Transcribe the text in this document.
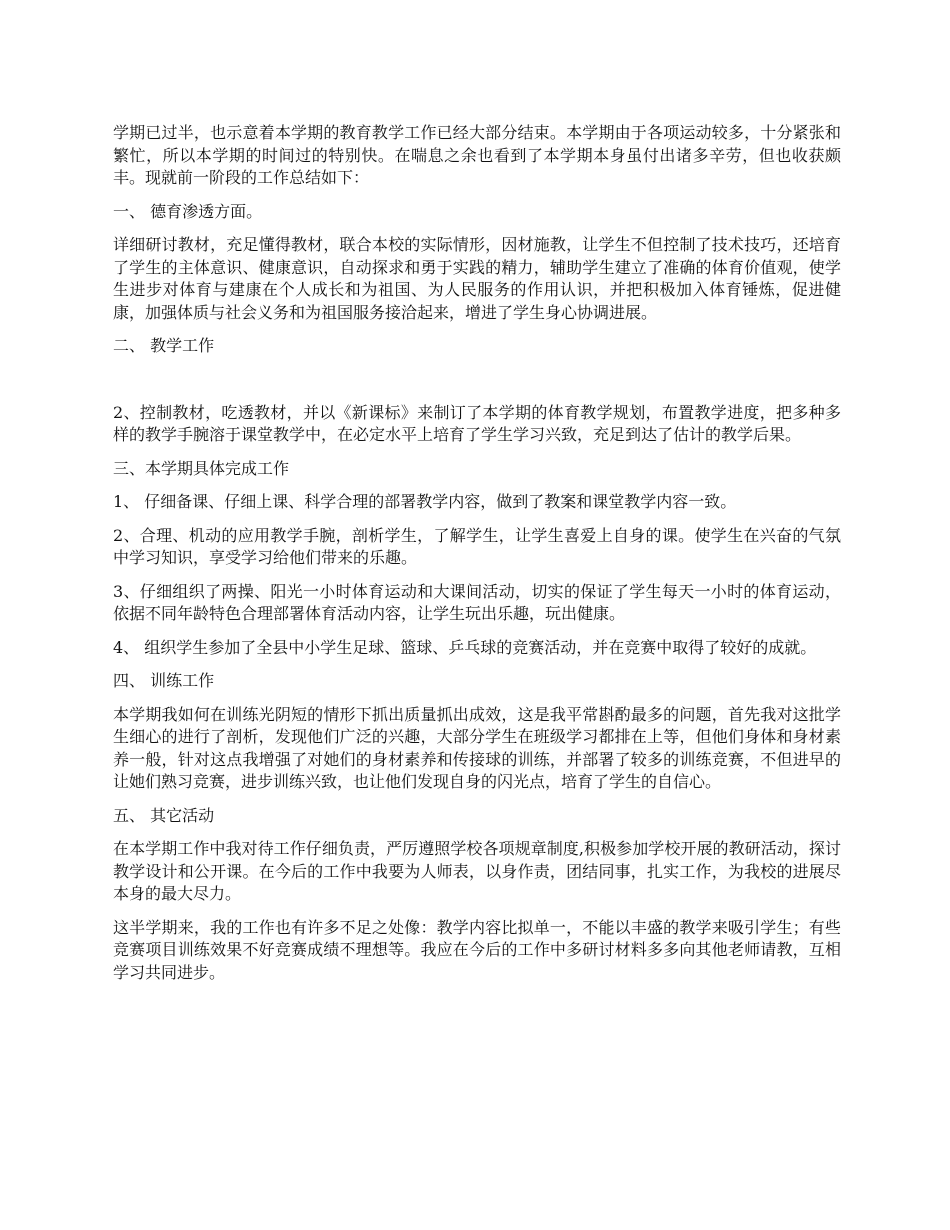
学期已过半，也示意着本学期的教育教学工作已经大部分结束。本学期由于各项运动较多，十分紧张和繁忙，所以本学期的时间过的特别快。在喘息之余也看到了本学期本身虽付出诸多辛劳，但也收获颇丰。现就前一阶段的工作总结如下：

一、 德育渗透方面。

详细研讨教材，充足懂得教材，联合本校的实际情形，因材施教，让学生不但控制了技术技巧，还培育了学生的主体意识、健康意识，自动探求和勇于实践的精力，辅助学生建立了准确的体育价值观，使学生进步对体育与建康在个人成长和为祖国、为人民服务的作用认识，并把积极加入体育锤炼，促进健康，加强体质与社会义务和为祖国服务接洽起来，增进了学生身心协调进展。

二、 教学工作

2、控制教材，吃透教材，并以《新课标》来制订了本学期的体育教学规划，布置教学进度，把多种多样的教学手腕溶于课堂教学中，在必定水平上培育了学生学习兴致，充足到达了估计的教学后果。

三、本学期具体完成工作

1、 仔细备课、仔细上课、科学合理的部署教学内容，做到了教案和课堂教学内容一致。

2、合理、机动的应用教学手腕，剖析学生，了解学生，让学生喜爱上自身的课。使学生在兴奋的气氛中学习知识，享受学习给他们带来的乐趣。

3、仔细组织了两操、阳光一小时体育运动和大课间活动，切实的保证了学生每天一小时的体育运动，依据不同年龄特色合理部署体育活动内容，让学生玩出乐趣，玩出健康。

4、 组织学生参加了全县中小学生足球、篮球、乒乓球的竞赛活动，并在竞赛中取得了较好的成就。

四、 训练工作

本学期我如何在训练光阴短的情形下抓出质量抓出成效，这是我平常斟酌最多的问题，首先我对这批学生细心的进行了剖析，发现他们广泛的兴趣，大部分学生在班级学习都排在上等，但他们身体和身材素养一般，针对这点我增强了对她们的身材素养和传接球的训练，并部署了较多的训练竞赛，不但进早的让她们熟习竞赛，进步训练兴致，也让他们发现自身的闪光点，培育了学生的自信心。

五、 其它活动

在本学期工作中我对待工作仔细负责，严厉遵照学校各项规章制度,积极参加学校开展的教研活动，探讨教学设计和公开课。在今后的工作中我要为人师表，以身作责，团结同事，扎实工作，为我校的进展尽本身的最大尽力。

这半学期来，我的工作也有许多不足之处像：教学内容比拟单一，不能以丰盛的教学来吸引学生；有些竞赛项目训练效果不好竞赛成绩不理想等。我应在今后的工作中多研讨材料多多向其他老师请教，互相学习共同进步。
